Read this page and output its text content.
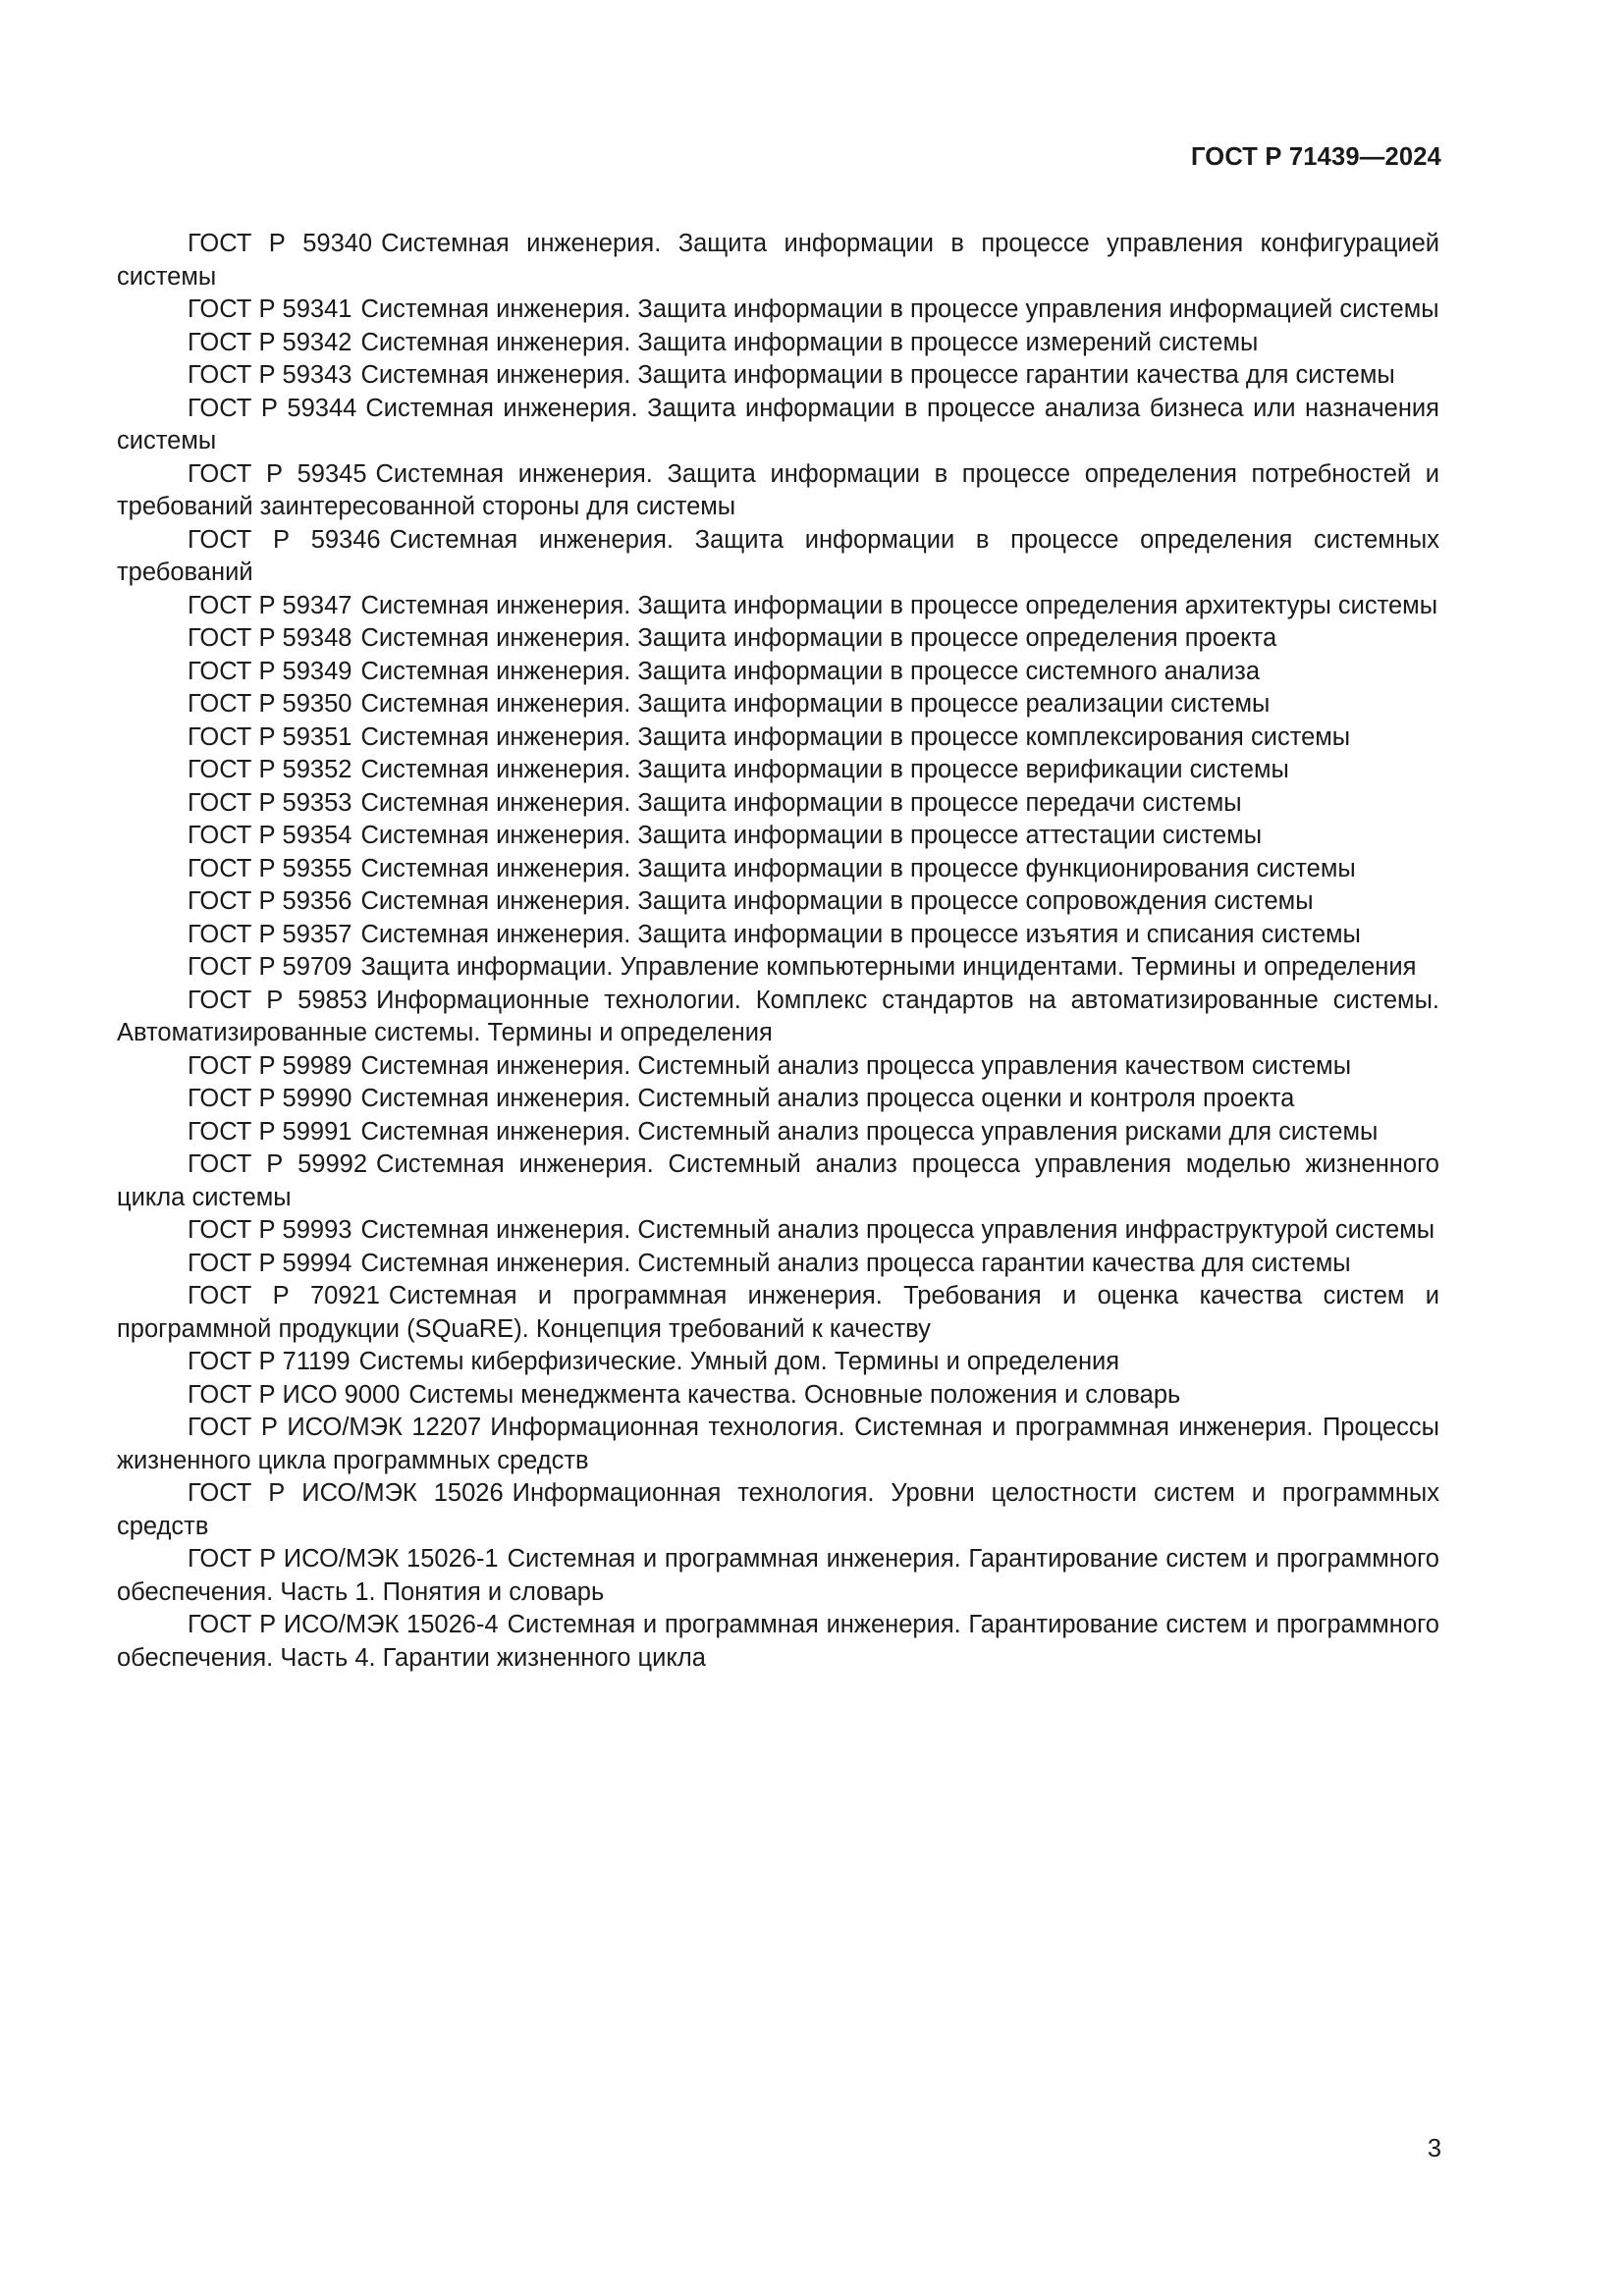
ГОСТ Р 71439—2024
ГОСТ Р 59340 Системная инженерия. Защита информации в процессе управления конфигурацией системы
ГОСТ Р 59341 Системная инженерия. Защита информации в процессе управления информацией системы
ГОСТ Р 59342 Системная инженерия. Защита информации в процессе измерений системы
ГОСТ Р 59343 Системная инженерия. Защита информации в процессе гарантии качества для системы
ГОСТ Р 59344 Системная инженерия. Защита информации в процессе анализа бизнеса или назначения системы
ГОСТ Р 59345 Системная инженерия. Защита информации в процессе определения потребностей и требований заинтересованной стороны для системы
ГОСТ Р 59346 Системная инженерия. Защита информации в процессе определения системных требований
ГОСТ Р 59347 Системная инженерия. Защита информации в процессе определения архитектуры системы
ГОСТ Р 59348 Системная инженерия. Защита информации в процессе определения проекта
ГОСТ Р 59349 Системная инженерия. Защита информации в процессе системного анализа
ГОСТ Р 59350 Системная инженерия. Защита информации в процессе реализации системы
ГОСТ Р 59351 Системная инженерия. Защита информации в процессе комплексирования системы
ГОСТ Р 59352 Системная инженерия. Защита информации в процессе верификации системы
ГОСТ Р 59353 Системная инженерия. Защита информации в процессе передачи системы
ГОСТ Р 59354 Системная инженерия. Защита информации в процессе аттестации системы
ГОСТ Р 59355 Системная инженерия. Защита информации в процессе функционирования системы
ГОСТ Р 59356 Системная инженерия. Защита информации в процессе сопровождения системы
ГОСТ Р 59357 Системная инженерия. Защита информации в процессе изъятия и списания системы
ГОСТ Р 59709 Защита информации. Управление компьютерными инцидентами. Термины и определения
ГОСТ Р 59853 Информационные технологии. Комплекс стандартов на автоматизированные системы. Автоматизированные системы. Термины и определения
ГОСТ Р 59989 Системная инженерия. Системный анализ процесса управления качеством системы
ГОСТ Р 59990 Системная инженерия. Системный анализ процесса оценки и контроля проекта
ГОСТ Р 59991 Системная инженерия. Системный анализ процесса управления рисками для системы
ГОСТ Р 59992 Системная инженерия. Системный анализ процесса управления моделью жизненного цикла системы
ГОСТ Р 59993 Системная инженерия. Системный анализ процесса управления инфраструктурой системы
ГОСТ Р 59994 Системная инженерия. Системный анализ процесса гарантии качества для системы
ГОСТ Р 70921 Системная и программная инженерия. Требования и оценка качества систем и программной продукции (SQuaRE). Концепция требований к качеству
ГОСТ Р 71199 Системы киберфизические. Умный дом. Термины и определения
ГОСТ Р ИСО 9000 Системы менеджмента качества. Основные положения и словарь
ГОСТ Р ИСО/МЭК 12207 Информационная технология. Системная и программная инженерия. Процессы жизненного цикла программных средств
ГОСТ Р ИСО/МЭК 15026 Информационная технология. Уровни целостности систем и программных средств
ГОСТ Р ИСО/МЭК 15026-1 Системная и программная инженерия. Гарантирование систем и программного обеспечения. Часть 1. Понятия и словарь
ГОСТ Р ИСО/МЭК 15026-4 Системная и программная инженерия. Гарантирование систем и программного обеспечения. Часть 4. Гарантии жизненного цикла
3
